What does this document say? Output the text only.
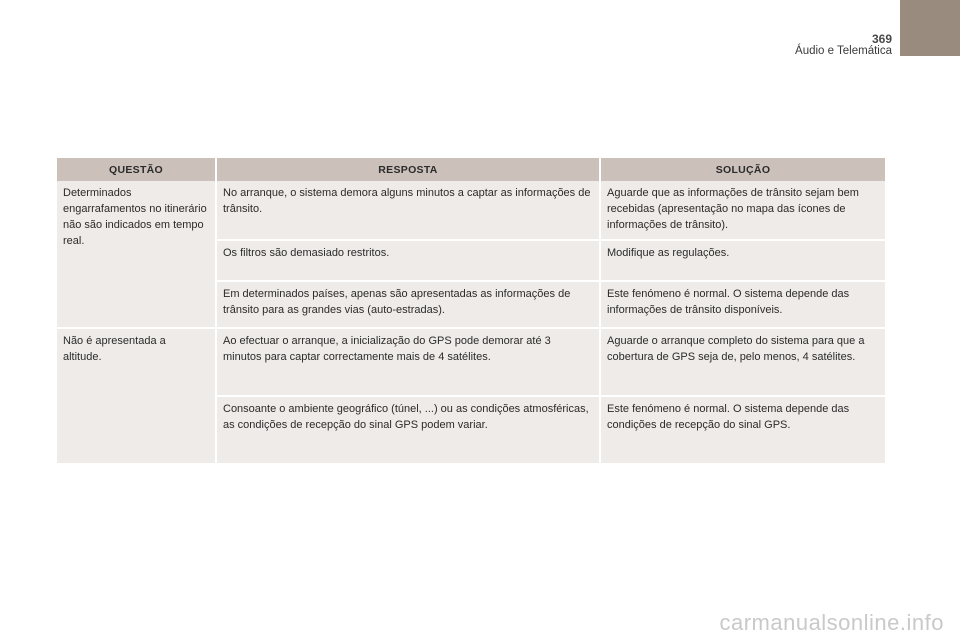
369
Áudio e Telemática
QUESTÃO	RESPOSTA	SOLUÇÃO
Determinados engarrafamentos no itinerário não são indicados em tempo real.	No arranque, o sistema demora alguns minutos a captar as informações de trânsito.	Aguarde que as informações de trânsito sejam bem recebidas (apresentação no mapa das ícones de informações de trânsito).
	Os filtros são demasiado restritos.	Modifique as regulações.
	Em determinados países, apenas são apresentadas as informações de trânsito para as grandes vias (auto-estradas).	Este fenómeno é normal. O sistema depende das informações de trânsito disponíveis.
Não é apresentada a altitude.	Ao efectuar o arranque, a inicialização do GPS pode demorar até 3 minutos para captar correctamente mais de 4 satélites.	Aguarde o arranque completo do sistema para que a cobertura de GPS seja de, pelo menos, 4 satélites.
	Consoante o ambiente geográfico (túnel, ...) ou as condições atmosféricas, as condições de recepção do sinal GPS podem variar.	Este fenómeno é normal. O sistema depende das condições de recepção do sinal GPS.
carmanualsonline.info
